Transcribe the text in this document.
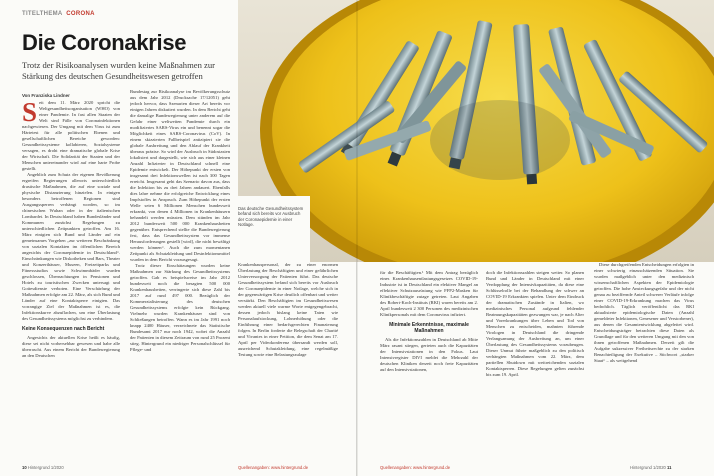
TITELTHEMA CORONA
Die Coronakrise
Trotz der Risikoanalysen wurden keine Maßnahmen zur Stärkung des deutschen Gesundheitswesen getroffen
Von Franziska Lindner
S eit dem 11. März 2020 spricht die Weltgesundheitsorganisation (WHO) von einer Pandemie. In fast allen Staaten der Welt sind Fälle von Coronainfektionen nachgewiesen. Der Umgang mit dem Virus ist zum Härtetest für alle politischen Ebenen und gesellschaftlichen Bereiche geworden: Gesundheitssysteme kollabieren, Sozialsysteme versagen, es droht eine dramatische globale Krise der Wirtschaft. Die Solidarität der Staaten und der Menschen untereinander wird auf eine harte Probe gestellt.

Angeblich zum Schutz der eigenen Bevölkerung ergreifen Regierungen allerorts unterschiedlich drastische Maßnahmen, die auf eine soziale und physische Distanzierung hinzielen. In einigen besonders betroffenen Regionen sind Ausgangssperren verhängt worden, so im chinesischen Wuhan oder in der italienischen Lombardei. In Deutschland haben Bundesländer und Kommunen zunächst Regelungen zu unterschiedlichen Zeitpunkten getroffen. Am 16. März einigten sich Bund und Länder auf ein gemeinsames Vorgehen „zur weiteren Beschränkung von sozialen Kontakten im öffentlichen Bereich angesichts der Coronaepidemie in Deutschland“. Einschränkungen wie Diskotheken und Bars, Theater und Konzerthäuser, Museen, Freizeitparks und Fitnessstudios sowie Schwimmbäder wurden geschlossen, Übernachtungen in Pensionen und Hotels zu touristischen Zwecken untersagt und Gottesdienste verboten. Eine Verschärfung der Maßnahmen erfolgte am 22. März, als sich Bund und Länder auf eine Kontaktsperre einigten. Das vorrangige Ziel der Maßnahmen ist es, die Infektionskurve abzuflachen, um eine Überlastung des Gesundheitssystems möglichst zu verhindern.

Keine Konsequenzen nach Bericht

Angesichts der aktuellen Krise heißt es häufig, diese sei nicht vorhersehbar gewesen und habe alle überrascht. Aus einem Bericht der Bundesregierung an den Deutschen

Bundestag zur Risikoanalyse im Bevölkerungsschutz aus dem Jahr 2012 (Drucksache 17/12051) geht jedoch hervor, dass Szenarien dieser Art bereits vor einigen Jahren diskutiert wurden. In dem Bericht geht die damalige Bundesregierung unter anderem auf die Gefahr einer weltweiten Pandemie durch ein modifiziertes SARS-Virus ein und benennt sogar die Möglichkeit eines SARS-Coronavirus (CoV). In einem skizzierten Fallbeispiel antizipiert sie die globale Ausbreitung und den Ablauf der Krankheit überaus präzise. So wird der Ausbruch in Südostasien lokalisiert und dargestellt, wie sich aus einer kleinen Anzahl Infizierter in Deutschland schnell eine Epidemie entwickelt. Der Höhepunkt der ersten von insgesamt drei Infektionswellen ist nach 300 Tagen erreicht. Insgesamt geht das Szenario davon aus, dass die Infektion bis zu drei Jahren andauert. Ebenfalls dies lahre nehme die erfolgreiche Entwicklung eines Impfstoffes in Anspruch. Zum Höhepunkt der ersten Welle seien 6 Millionen Menschen bundesweit erkrankt, von denen 4 Millionen in Krankenhäusern behandelt werden müssten. Dem stünden im Jahr 2012 bundesweit 500 000 Krankenhausbetten gegenüber. Entsprechend stellte die Bundesregierung fest, dass das Gesundheitssystem vor immense Herausforderungen gestellt [wird], die nicht bewältigt werden können“. Auch die zum momentanen Zeitpunkt als Schutzkleidung und Desinfektionsmittel wurden in dem Bericht vorausgesagt.

Trotz dieser Einschätzungen wurden keine Maßnahmen zur Stärkung des Gesundheitssystems getroffen. Gab es beispielsweise im Jahr 2012 bundesweit noch die besagten 500 000 Krankenhausbetten, verringerte sich diese Zahl bis 2017 auf rund 497 000. Bezüglich der Kommerzialisierung des deutschen Gesundheitssystems erfolgte kein Rückgang. Vielmehr wurden Krankenhäuser sind von Schließungen betroffen. Wann es im Jahr 1991 noch knapp 2400 Häuser, verzeichnete das Statistische Bundesamt 2017 nur noch 1942, wobei die Anzahl der Patienten in diesem Zeitraum von rund 25 Prozent stieg. Hintergrund ein niedriger Personalschlüssel für Pflege- und

Krankenhauspersonal, der zu einer enormen Überlastung der Beschäftigten und einer gefährlichen Unterversorgung der Patienten führt. Das deutsche Gesundheitssystem befand sich bereits vor Ausbruch der Coronaepidemie in einer Notlage, welche sich in der gegenwärtigen Krise deutlich offenbart und weiter verstärkt. Den Beschäftigten im Gesundheitswesen werden aktuell viele warme Worte entgegengebracht, dessen jedoch bislang keine Taten wie Personalaufstockung, Lohnerhöhung oder die Einführung einer bedarfsgerechten Finanzierung folgen. In Berlin forderte die Belegschaft der Charité und Vivantes in einer Petition, die dem Senat am 17. April per Videokonferenz übersandt werden soll, ausreichend Schutzkleidung, eine regelmäßige Testung sowie eine Belastungszulage

10 Hintergrund 1/2020	Quellenangaben: www.hintergrund.de

für die Beschäftigten.¹ Mit dem Antrag bezüglich eines Krankenhausentlastungsgesetzes COVID-19-Industrie ist in Deutschland ein elektiver Mangel an effektiver Schutzausrüstung wie FFP2-Masken für Klinikbeschäftigte zutage getreten. Laut Angaben des Robert-Koch-Instituts (RKI) waren bereits am 2. April bundesweit 2 300 Personen des medizinischen Klinikpersonals mit dem Coronavirus infiziert.

Minimale Erkenntnisse, maximale Maßnahmen

Als die Infektionszahlen in Deutschland ab Mitte März rasant stiegen, gerieten auch die Kapazitäten der Intensivstationen in den Fokus. Laut Intensivregister DIVI meldet die Mehrzahl der deutschen Kliniken derzeit noch freie Kapazitäten auf den Intensivstationen,

doch die Infektionszahlen steigen weiter. So planen Bund und Länder in Deutschland mit einer Verdopplung der Intensivkapazitäten, da diese eine Schlüsselrolle bei der Behandlung der schwer an COVID-19 Erkrankten spielen. Unter dem Eindruck der dramatischen Zustände in Italien, wo medizinisches Personal aufgrund fehlender Beatmungskapazitäten gezwungen war, je nach Alter und Vorerkrankungen über Leben und Tod von Menschen zu entscheiden, mahnten führende Virologen in Deutschland die dringende Verlangsamung der Ausbreitung an, um einer Überlastung des Gesundheitssystems vorzubeugen. Dieser Unmut führte maßgeblich zu den politisch verhängten Maßnahmen vom 22. März, dem partiellen Shutdown mit weitreichenden sozialen Kontaktsperren. Diese Regelungen gelten zunächst bis zum 19. April.

Diese durchgreifenden Entscheidungen erfolgten in einer schwierig einzuschätzenden Situation. Sie wurden maßgeblich unter den medizinisch wissenschaftlichen Aspekten der Epidemiologie getroffen. Die hohe Ansteckungsgefahr und der nicht genau zu beziffernde Anteil schwerer Verläufe infolge einer COVID-19-Erkrankung machen das Virus bedrohlich. Täglich veröffentlicht das RKI aktualisierte epidemiologische Daten (Anzahl gemeldeter Infektionen, Genesener und Verstorbener), aus denen die Gesamtentwicklung abgeleitet wird. Entscheidungsträger betrachten diese Daten als Grundlage und für den weiteren Umgang mit den von ihnen getroffenen Maßnahmen. Derzeit gilt die Aufgabe sukzessiver Freiheitsrechte zu der starken Benachteiligung der Exekutive – Stichwort „starker Staat“ – als weitgehend

Quellenangaben: www.hintergrund.de	Hintergrund 1/2020 11
Das deutsche Gesundheitssystem befand sich bereits vor Ausbruch der Coronaepidemie in einer Notlage.
